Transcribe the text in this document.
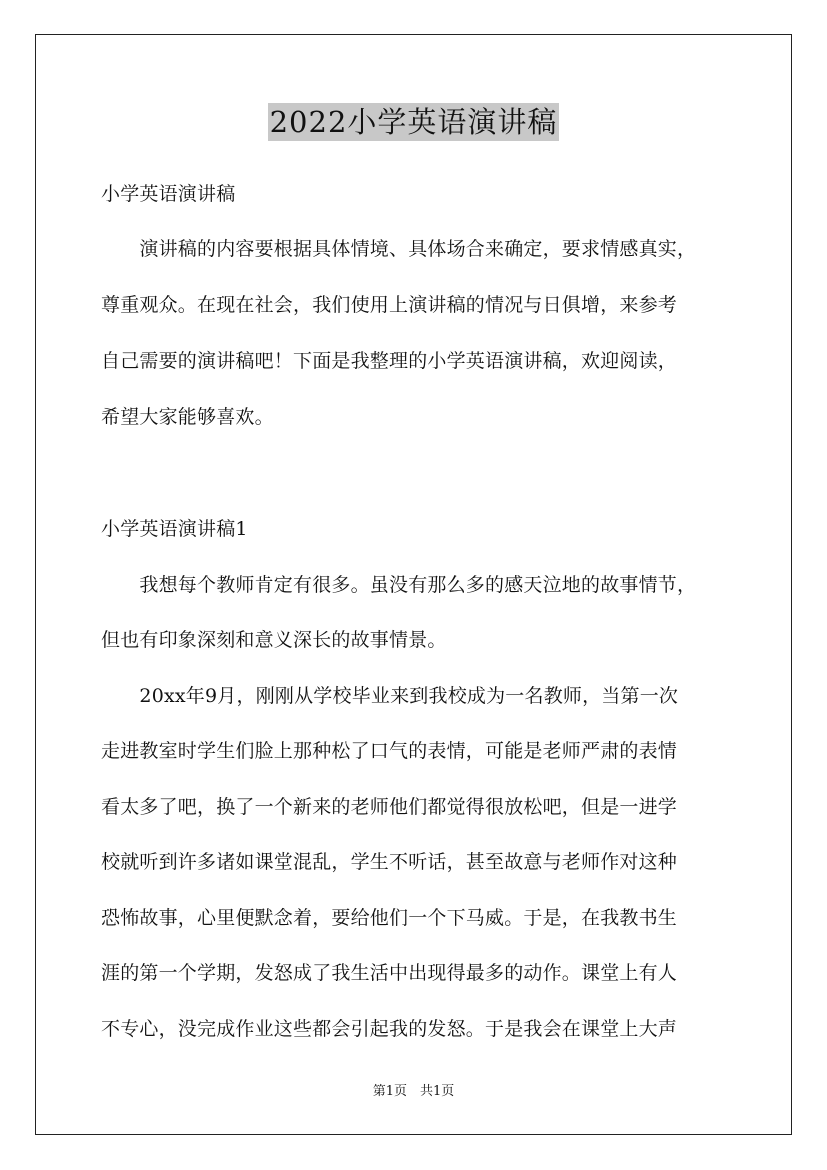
2022小学英语演讲稿
小学英语演讲稿
　　演讲稿的内容要根据具体情境、具体场合来确定，要求情感真实，
尊重观众。在现在社会，我们使用上演讲稿的情况与日俱增，来参考
自己需要的演讲稿吧！下面是我整理的小学英语演讲稿，欢迎阅读，
希望大家能够喜欢。
小学英语演讲稿1
　　我想每个教师肯定有很多。虽没有那么多的感天泣地的故事情节，
但也有印象深刻和意义深长的故事情景。
　　20xx年9月，刚刚从学校毕业来到我校成为一名教师，当第一次
走进教室时学生们脸上那种松了口气的表情，可能是老师严肃的表情
看太多了吧，换了一个新来的老师他们都觉得很放松吧，但是一进学
校就听到许多诸如课堂混乱，学生不听话，甚至故意与老师作对这种
恐怖故事，心里便默念着，要给他们一个下马威。于是，在我教书生
涯的第一个学期，发怒成了我生活中出现得最多的动作。课堂上有人
不专心，没完成作业这些都会引起我的发怒。于是我会在课堂上大声
第1页　共1页
